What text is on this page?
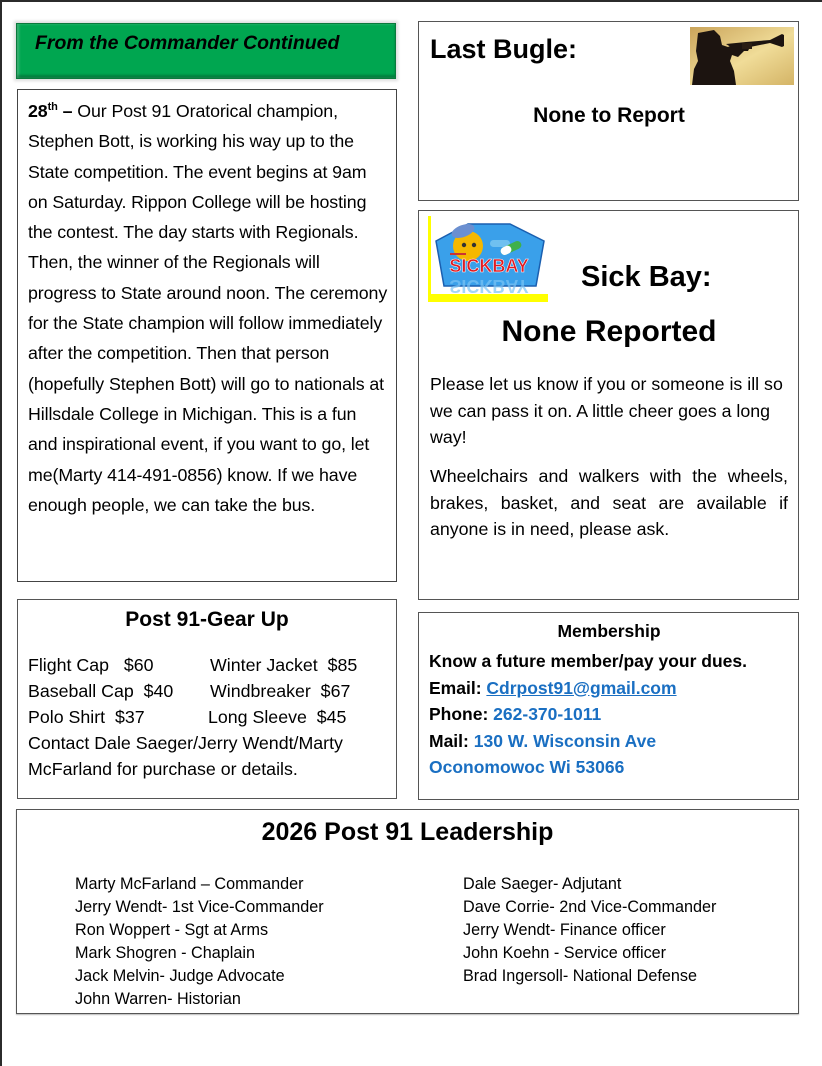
From the Commander Continued
28th – Our Post 91 Oratorical champion, Stephen Bott, is working his way up to the State competition. The event begins at 9am on Saturday. Rippon College will be hosting the contest. The day starts with Regionals. Then, the winner of the Regionals will progress to State around noon. The ceremony for the State champion will follow immediately after the competition. Then that person (hopefully Stephen Bott) will go to nationals at Hillsdale College in Michigan. This is a fun and inspirational event, if you want to go, let me(Marty 414-491-0856) know. If we have enough people, we can take the bus.
Last Bugle:
None to Report
SICKBAY
SICKBAY Sick Bay:
None Reported
Please let us know if you or someone is ill so we can pass it on. A little cheer goes a long way!
Wheelchairs and walkers with the wheels, brakes, basket, and seat are available if anyone is in need, please ask.
Post 91-Gear Up
Flight Cap   $60	Winter Jacket  $85
Baseball Cap  $40	Windbreaker  $67
Polo Shirt  $37	Long Sleeve  $45
Contact Dale Saeger/Jerry Wendt/Marty McFarland for purchase or details.
Membership
Know a future member/pay your dues.
Email: Cdrpost91@gmail.com
Phone: 262-370-1011
Mail: 130 W. Wisconsin Ave
Oconomowoc Wi 53066
2026 Post 91 Leadership
Marty McFarland – Commander
Jerry Wendt- 1st Vice-Commander
Ron Woppert - Sgt at Arms
Mark Shogren - Chaplain
Jack Melvin- Judge Advocate
John Warren- Historian
Dale Saeger- Adjutant
Dave Corrie- 2nd Vice-Commander
Jerry Wendt- Finance officer
John Koehn - Service officer
Brad Ingersoll- National Defense
